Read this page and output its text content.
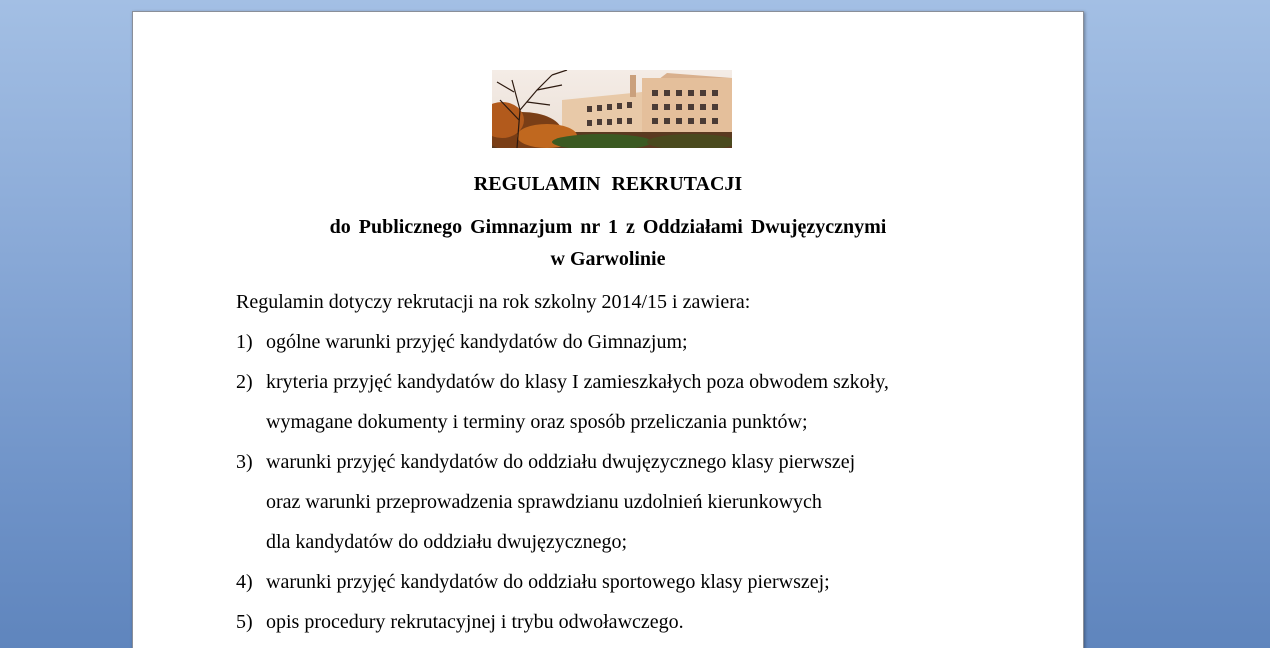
REGULAMIN REKRUTACJI
do Publicznego Gimnazjum nr 1 z Oddziałami Dwujęzycznymi
w Garwolinie
Regulamin dotyczy rekrutacji na rok szkolny 2014/15 i zawiera:
1) ogólne warunki przyjęć kandydatów do Gimnazjum;
2) kryteria przyjęć kandydatów do klasy I zamieszkałych poza obwodem szkoły,
wymagane dokumenty i terminy oraz sposób przeliczania punktów;
3) warunki przyjęć kandydatów do oddziału dwujęzycznego klasy pierwszej
oraz warunki przeprowadzenia sprawdzianu uzdolnień kierunkowych
dla kandydatów do oddziału dwujęzycznego;
4) warunki przyjęć kandydatów do oddziału sportowego klasy pierwszej;
5) opis procedury rekrutacyjnej i trybu odwoławczego.
